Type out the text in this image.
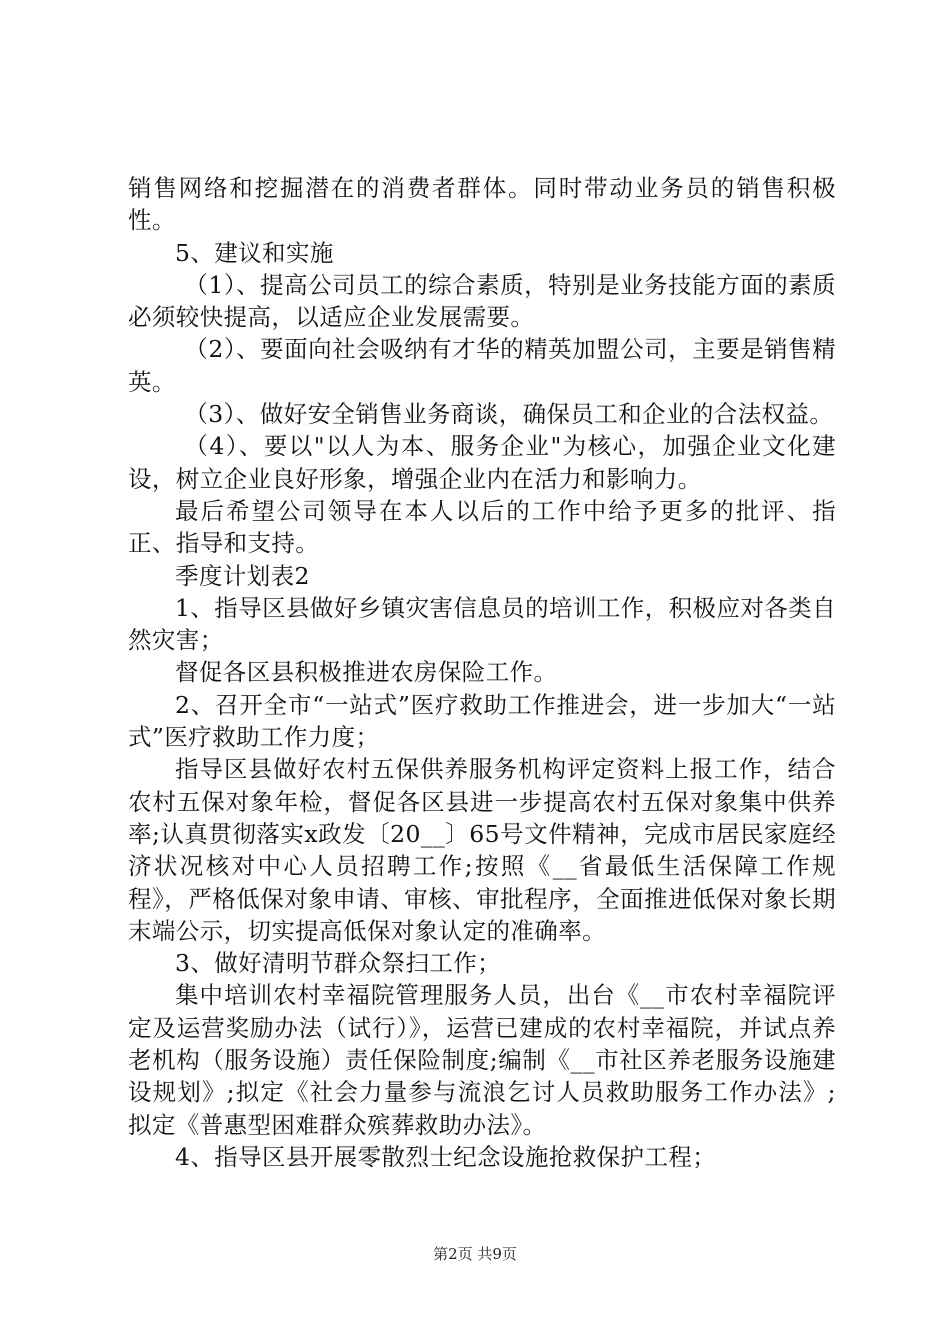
销售网络和挖掘潜在的消费者群体。同时带动业务员的销售积极性。

5、建议和实施

（1）、提高公司员工的综合素质，特别是业务技能方面的素质必须较快提高，以适应企业发展需要。

（2）、要面向社会吸纳有才华的精英加盟公司，主要是销售精英。

（3）、做好安全销售业务商谈，确保员工和企业的合法权益。

（4）、要以"以人为本、服务企业"为核心，加强企业文化建设，树立企业良好形象，增强企业内在活力和影响力。

最后希望公司领导在本人以后的工作中给予更多的批评、指正、指导和支持。

季度计划表2

1、指导区县做好乡镇灾害信息员的培训工作，积极应对各类自然灾害；

督促各区县积极推进农房保险工作。

2、召开全市“一站式”医疗救助工作推进会，进一步加大“一站式”医疗救助工作力度；

指导区县做好农村五保供养服务机构评定资料上报工作，结合农村五保对象年检，督促各区县进一步提高农村五保对象集中供养率;认真贯彻落实x政发〔20__〕65号文件精神，完成市居民家庭经济状况核对中心人员招聘工作;按照《__省最低生活保障工作规程》，严格低保对象申请、审核、审批程序，全面推进低保对象长期末端公示，切实提高低保对象认定的准确率。

3、做好清明节群众祭扫工作；

集中培训农村幸福院管理服务人员，出台《__市农村幸福院评定及运营奖励办法（试行）》，运营已建成的农村幸福院，并试点养老机构（服务设施）责任保险制度;编制《__市社区养老服务设施建设规划》;拟定《社会力量参与流浪乞讨人员救助服务工作办法》;拟定《普惠型困难群众殡葬救助办法》。

4、指导区县开展零散烈士纪念设施抢救保护工程；

第2页 共9页
